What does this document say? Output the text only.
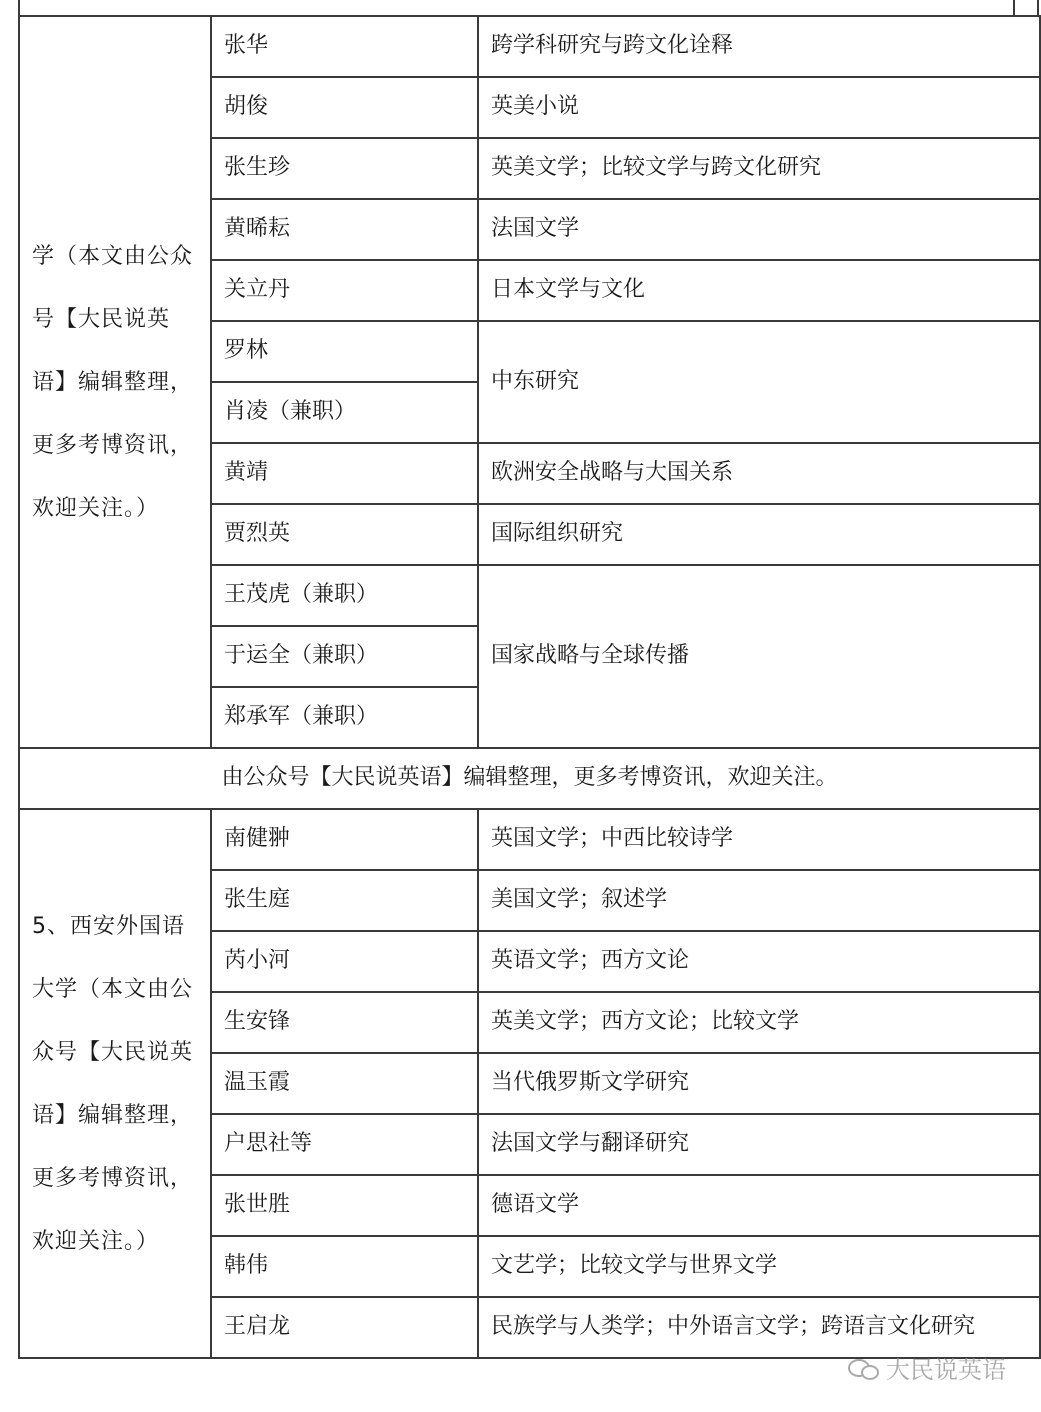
学（本文由公众号【大民说英语】编辑整理，更多考博资讯，欢迎关注。）	张华	跨学科研究与跨文化诠释
	胡俊	英美小说
	张生珍	英美文学；比较文学与跨文化研究
	黄晞耘	法国文学
	关立丹	日本文学与文化
	罗林	中东研究
	肖凌（兼职）	
	黄靖	欧洲安全战略与大国关系
	贾烈英	国际组织研究
	王茂虎（兼职）	国家战略与全球传播
	于运全（兼职）	
	郑承军（兼职）	
由公众号【大民说英语】编辑整理，更多考博资讯，欢迎关注。		
5、西安外国语大学（本文由公众号【大民说英语】编辑整理，更多考博资讯，欢迎关注。）	南健翀	英国文学；中西比较诗学
	张生庭	美国文学；叙述学
	芮小河	英语文学；西方文论
	生安锋	英美文学；西方文论；比较文学
	温玉霞	当代俄罗斯文学研究
	户思社等	法国文学与翻译研究
	张世胜	德语文学
	韩伟	文艺学；比较文学与世界文学
	王启龙	民族学与人类学；中外语言文学；跨语言文化研究
大民说英语
